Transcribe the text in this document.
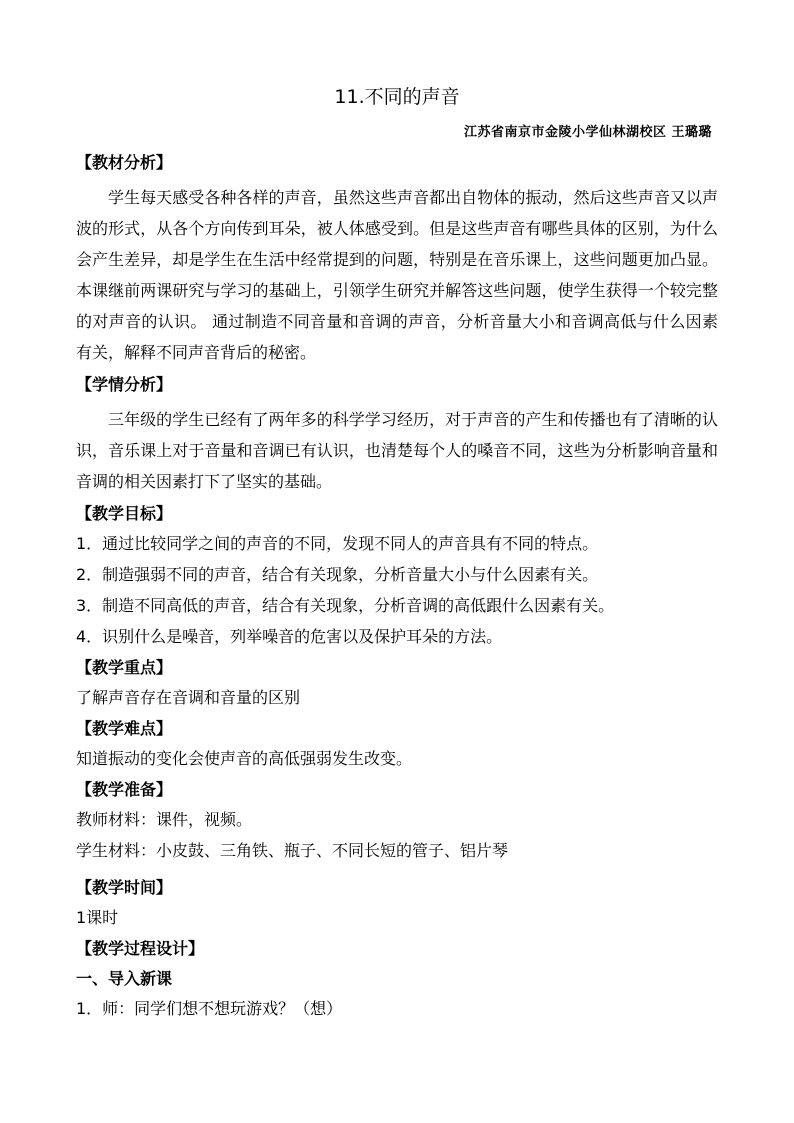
11.不同的声音
江苏省南京市金陵小学仙林湖校区 王璐璐
【教材分析】

学生每天感受各种各样的声音，虽然这些声音都出自物体的振动，然后这些声音又以声波的形式，从各个方向传到耳朵，被人体感受到。但是这些声音有哪些具体的区别，为什么会产生差异，却是学生在生活中经常提到的问题，特别是在音乐课上，这些问题更加凸显。本课继前两课研究与学习的基础上，引领学生研究并解答这些问题，使学生获得一个较完整的对声音的认识。 通过制造不同音量和音调的声音，分析音量大小和音调高低与什么因素有关，解释不同声音背后的秘密。

【学情分析】

三年级的学生已经有了两年多的科学学习经历，对于声音的产生和传播也有了清晰的认识，音乐课上对于音量和音调已有认识，也清楚每个人的嗓音不同，这些为分析影响音量和音调的相关因素打下了坚实的基础。

【教学目标】
1．通过比较同学之间的声音的不同，发现不同人的声音具有不同的特点。
2．制造强弱不同的声音，结合有关现象，分析音量大小与什么因素有关。
3．制造不同高低的声音，结合有关现象，分析音调的高低跟什么因素有关。
4．识别什么是噪音，列举噪音的危害以及保护耳朵的方法。
【教学重点】
了解声音存在音调和音量的区别
【教学难点】
知道振动的变化会使声音的高低强弱发生改变。
【教学准备】
教师材料：课件，视频。
学生材料：小皮鼓、三角铁、瓶子、不同长短的管子、铝片琴
【教学时间】
1课时
【教学过程设计】
一、导入新课
1．师：同学们想不想玩游戏？（想）
